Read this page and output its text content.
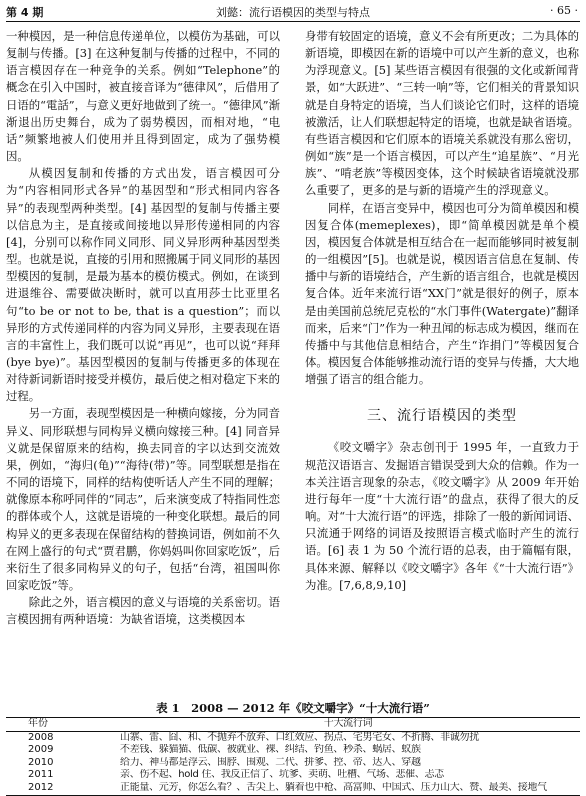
第 4 期	刘懿：流行语模因的类型与特点	· 65 ·

一种模因，是一种信息传递单位，以模仿为基础，可以复制与传播。[3] 在这种复制与传播的过程中，不同的语言模因存在一种竞争的关系。例如“Telephone”的概念在引入中国时，被直接音译为“德律风”，后借用了日语的“電話”，与意义更好地做到了统一。“德律风”渐渐退出历史舞台，成为了弱势模因，而相对地，“电话”频繁地被人们使用并且得到固定，成为了强势模因。

从模因复制和传播的方式出发，语言模因可分为“内容相同形式各异”的基因型和“形式相同内容各异”的表现型两种类型。[4] 基因型的复制与传播主要以信息为主，是直接或间接地以异形传递相同的内容[4]，分别可以称作同义同形、同义异形两种基因型类型。也就是说，直接的引用和照搬属于同义同形的基因型模因的复制，是最为基本的模仿模式。例如，在谈到进退维谷、需要做决断时，就可以直用莎士比亚里名句“to be or not to be, that is a question”；而以异形的方式传递同样的内容为同义异形，主要表现在语言的丰富性上，我们既可以说“再见”，也可以说“拜拜(bye bye)”。基因型模因的复制与传播更多的体现在对待新词新语时接受并模仿，最后使之相对稳定下来的过程。

另一方面，表现型模因是一种横向嫁接，分为同音异义、同形联想与同构异义横向嫁接三种。[4] 同音异义就是保留原来的结构，换去同音的字以达到交流效果，例如，“海归(龟)”“海待(带)”等。同型联想是指在不同的语境下，同样的结构使听话人产生不同的理解；就像原本称呼同伴的“同志”，后来演变成了特指同性恋的群体或个人，这就是语境的一种变化联想。最后的同构异义的更多表现在保留结构的替换词语，例如前不久在网上盛行的句式“贾君鹏，你妈妈叫你回家吃饭”，后来衍生了很多同构异义的句子，包括“台湾，祖国叫你回家吃饭”等。

除此之外，语言模因的意义与语境的关系密切。语言模因拥有两种语境：为缺省语境，这类模因本

身带有较固定的语境，意义不会有所更改；二为具体的新语境，即模因在新的语境中可以产生新的意义，也称为浮现意义。[5] 某些语言模因有很强的文化或新闻背景，如“大跃进”、“三转一响”等，它们相关的背景知识就是自身特定的语境，当人们谈论它们时，这样的语境被激活，让人们联想起特定的语境，也就是缺省语境。有些语言模因和它们原本的语境关系就没有那么密切，例如“族”是一个语言模因，可以产生“追星族”、“月光族”、“啃老族”等模因变体，这个时候缺省语境就没那么重要了，更多的是与新的语境产生的浮现意义。

同样，在语言变异中，模因也可分为简单模因和模因复合体(memeplexes)，即“简单模因就是单个模因，模因复合体就是相互结合在一起而能够同时被复制的一组模因”[5]。也就是说，模因语言信息在复制、传播中与新的语境结合，产生新的语言组合，也就是模因复合体。近年来流行语“XX门”就是很好的例子，原本是由美国前总统尼克松的“水门事件(Watergate)”翻译而来，后来“门”作为一种丑闻的标志成为模因，继而在传播中与其他信息相结合，产生“诈捐门”等模因复合体。模因复合体能够推动流行语的变异与传播，大大地增强了语言的组合能力。

三、流行语模因的类型

《咬文嚼字》杂志创刊于 1995 年，一直致力于规范汉语语言、发掘语言错误受到大众的信赖。作为一本关注语言现象的杂志，《咬文嚼字》从 2009 年开始进行每年一度“十大流行语”的盘点，获得了很大的反响。对“十大流行语”的评选，排除了一般的新闻词语、只流通于网络的词语及按照语言模式临时产生的流行语。[6] 表 1 为 50 个流行语的总表，由于篇幅有限，具体来源、解释以《咬文嚼字》各年《“十大流行语”》为准。[7,6,8,9,10]

表 1　2008 — 2012 年《咬文嚼字》“十大流行语”
年份	十大流行词
2008	山寨、雷、囧、和、不抛弃不放弃、口红效应、拐点、宅男宅女、不折腾、非诚勿扰
2009	不差钱、躲猫猫、低碳、被就业、裸、纠结、钓鱼、秒杀、蜗居、蚁族
2010	给力、神马都是浮云、围脖、围观、二代、拼爹、控、帝、达人、穿越
2011	亲、伤不起、hold 住、我反正信了、坑爹、卖萌、吐槽、气场、悲催、忐忑
2012	正能量、元芳，你怎么看？、舌尖上、躺着也中枪、高富帅、中国式、压力山大、赞、最美、接地气
